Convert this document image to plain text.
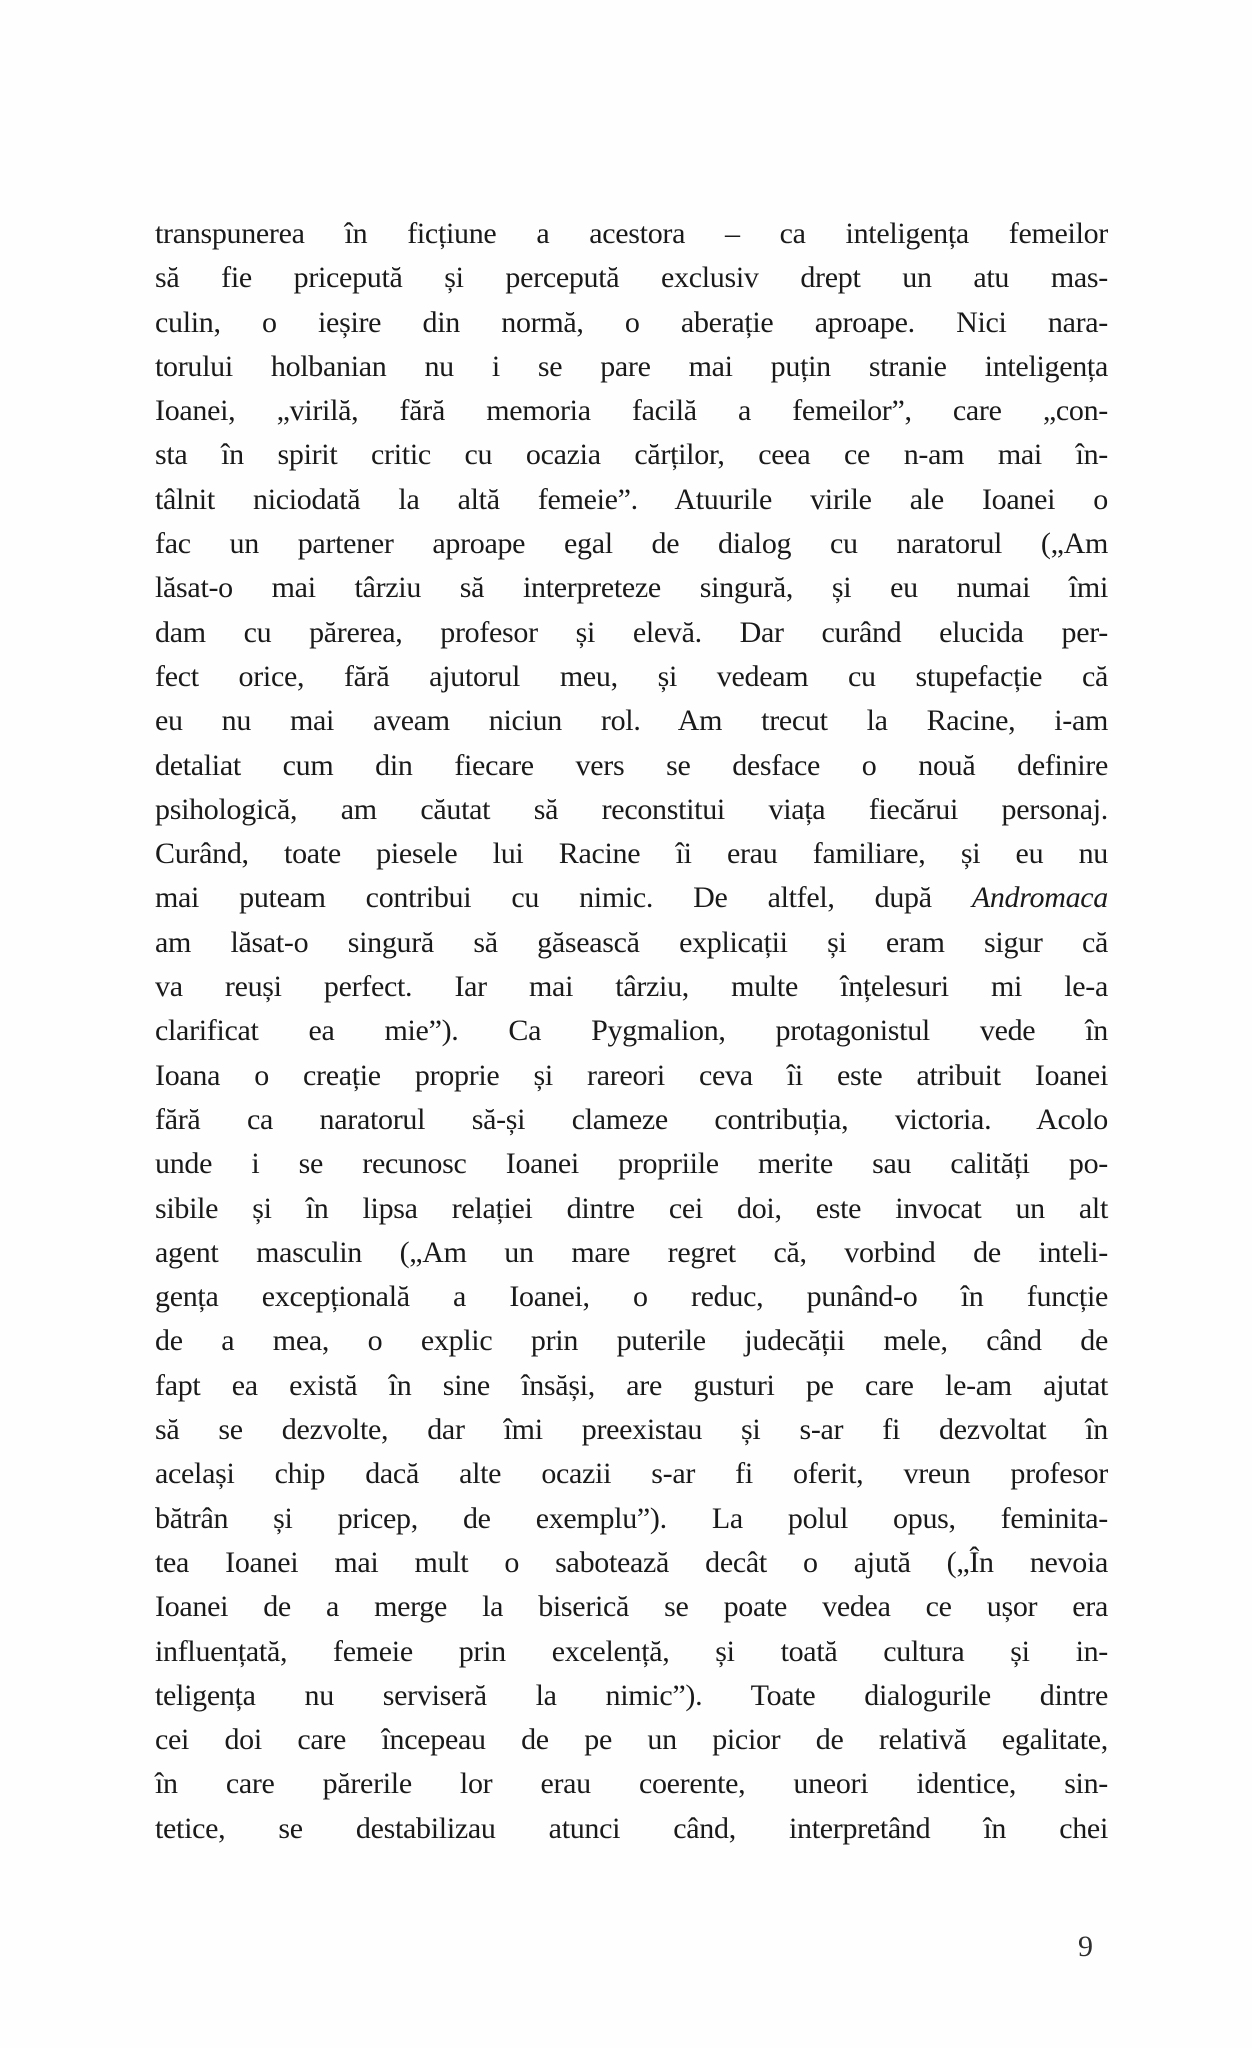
transpunerea în ficțiune a acestora – ca inteligența femeilor
să fie pricepută și percepută exclusiv drept un atu mas-
culin, o ieșire din normă, o aberație aproape. Nici nara-
torului holbanian nu i se pare mai puțin stranie inteligența
Ioanei, „virilă, fără memoria facilă a femeilor”, care „con-
sta în spirit critic cu ocazia cărților, ceea ce n-am mai în-
tâlnit niciodată la altă femeie”. Atuurile virile ale Ioanei o
fac un partener aproape egal de dialog cu naratorul („Am
lăsat-o mai târziu să interpreteze singură, și eu numai îmi
dam cu părerea, profesor și elevă. Dar curând elucida per-
fect orice, fără ajutorul meu, și vedeam cu stupefacție că
eu nu mai aveam niciun rol. Am trecut la Racine, i-am
detaliat cum din fiecare vers se desface o nouă definire
psihologică, am căutat să reconstitui viața fiecărui personaj.
Curând, toate piesele lui Racine îi erau familiare, și eu nu
mai puteam contribui cu nimic. De altfel, după Andromaca
am lăsat-o singură să găsească explicații și eram sigur că
va reuși perfect. Iar mai târziu, multe înțelesuri mi le-a
clarificat ea mie”). Ca Pygmalion, protagonistul vede în
Ioana o creație proprie și rareori ceva îi este atribuit Ioanei
fără ca naratorul să-și clameze contribuția, victoria. Acolo
unde i se recunosc Ioanei propriile merite sau calități po-
sibile și în lipsa relației dintre cei doi, este invocat un alt
agent masculin („Am un mare regret că, vorbind de inteli-
gența excepțională a Ioanei, o reduc, punând-o în funcție
de a mea, o explic prin puterile judecății mele, când de
fapt ea există în sine însăși, are gusturi pe care le-am ajutat
să se dezvolte, dar îmi preexistau și s-ar fi dezvoltat în
același chip dacă alte ocazii s-ar fi oferit, vreun profesor
bătrân și pricep, de exemplu”). La polul opus, feminita-
tea Ioanei mai mult o sabotează decât o ajută („În nevoia
Ioanei de a merge la biserică se poate vedea ce ușor era
influențată, femeie prin excelență, și toată cultura și in-
teligența nu serviseră la nimic”). Toate dialogurile dintre
cei doi care începeau de pe un picior de relativă egalitate,
în care părerile lor erau coerente, uneori identice, sin-
tetice, se destabilizau atunci când, interpretând în chei
9
